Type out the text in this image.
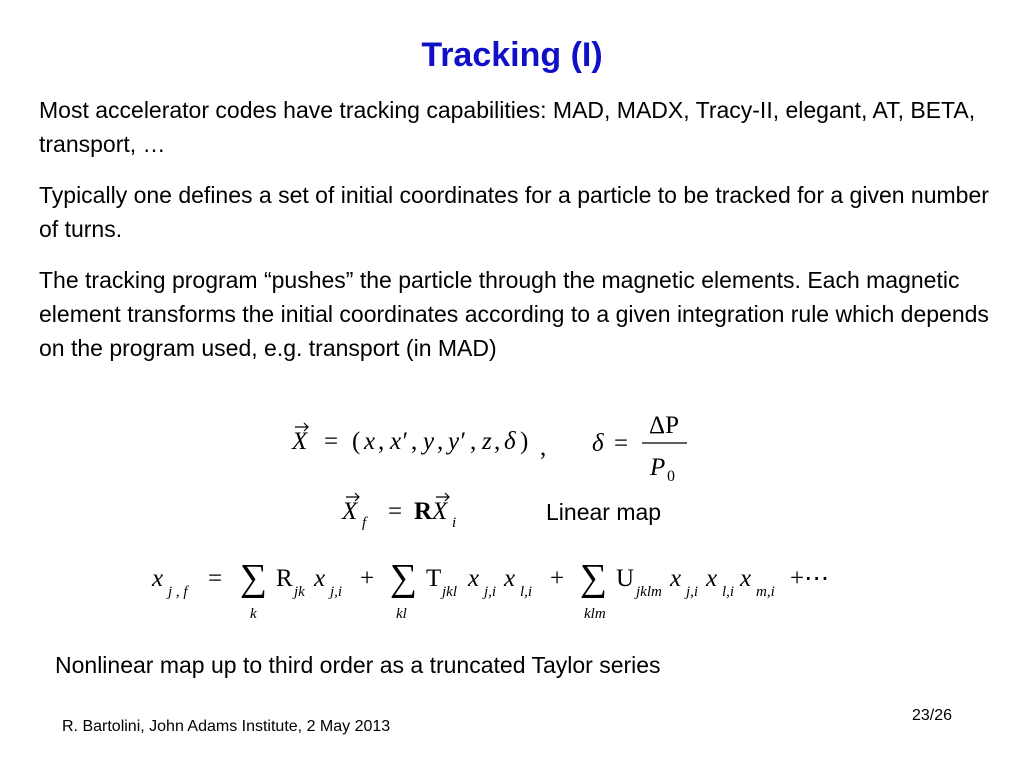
Tracking (I)
Most accelerator codes have tracking capabilities: MAD, MADX, Tracy-II, elegant, AT, BETA, transport, …
Typically one defines a set of initial coordinates for a particle to be tracked for a given number of turns.
The tracking program “pushes” the particle through the magnetic elements. Each magnetic element transforms the initial coordinates according to a given integration rule which depends on the program used, e.g. transport (in MAD)
X = ( x , x′ , y , y′ , z , δ ) , δ =
ΔP
P 0
X f = R X i	Linear map
x j , f = ∑
k
R jk x j,i + ∑
kl
T jkl x j,i x l,i + ∑
klm
U jklm x j,i x l,i x m,i +⋯
Nonlinear map up to third order as a truncated Taylor series
R. Bartolini, John Adams Institute, 2 May 2013
23/26
